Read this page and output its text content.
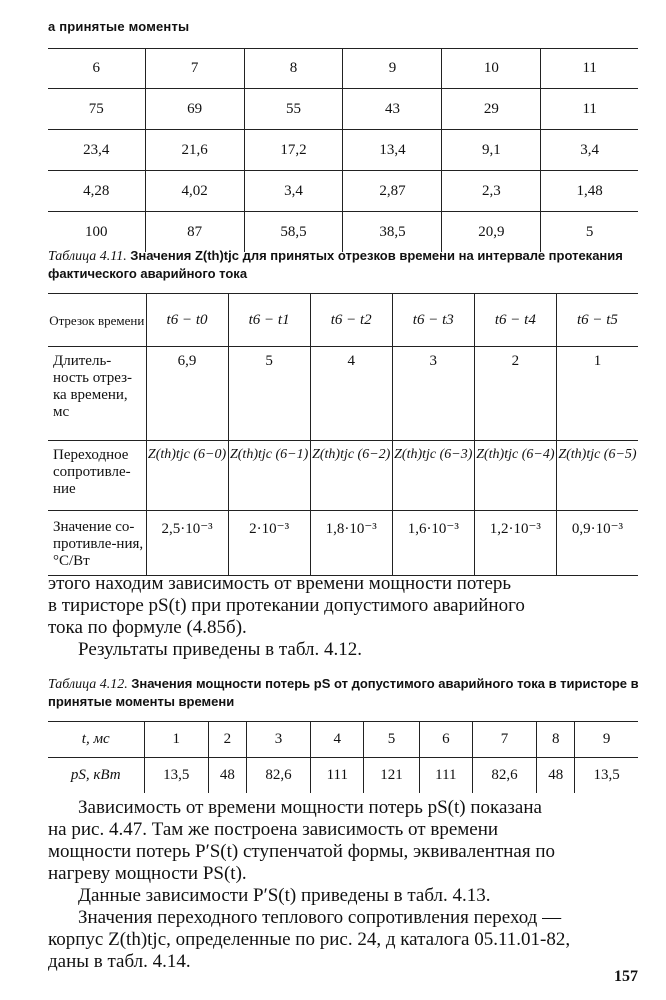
а принятые моменты
6	7	8	9	10	11
75	69	55	43	29	11
23,4	21,6	17,2	13,4	9,1	3,4
4,28	4,02	3,4	2,87	2,3	1,48
100	87	58,5	38,5	20,9	5
Таблица 4.11. Значения Z(th)tjc для принятых отрезков времени на интервале протекания фактического аварийного тока
Отрезок времени	t6 − t0	t6 − t1	t6 − t2	t6 − t3	t6 − t4	t6 − t5
Длитель-ность отрез-ка времени, мс	6,9	5	4	3	2	1
Переходное сопротивле-ние	Z(th)tjc (6−0)	Z(th)tjc (6−1)	Z(th)tjc (6−2)	Z(th)tjc (6−3)	Z(th)tjc (6−4)	Z(th)tjc (6−5)
Значение со-противле-ния, °С/Вт	2,5·10⁻³	2·10⁻³	1,8·10⁻³	1,6·10⁻³	1,2·10⁻³	0,9·10⁻³
этого находим зависимость от времени мощности потерь
в тиристоре pS(t) при протекании допустимого аварийного
тока по формуле (4.85б).
Результаты приведены в табл. 4.12.
Таблица 4.12. Значения мощности потерь pS от допустимого аварийного тока в тиристоре в принятые моменты времени
t, мс	1	2	3	4	5	6	7	8	9
pS, кВт	13,5	48	82,6	111	121	111	82,6	48	13,5
Зависимость от времени мощности потерь pS(t) показана
на рис. 4.47. Там же построена зависимость от времени
мощности потерь P′S(t) ступенчатой формы, эквивалентная по
нагреву мощности PS(t).
Данные зависимости P′S(t) приведены в табл. 4.13.
Значения переходного теплового сопротивления переход —
корпус Z(th)tjc, определенные по рис. 24, д каталога 05.11.01-82,
даны в табл. 4.14.
157
